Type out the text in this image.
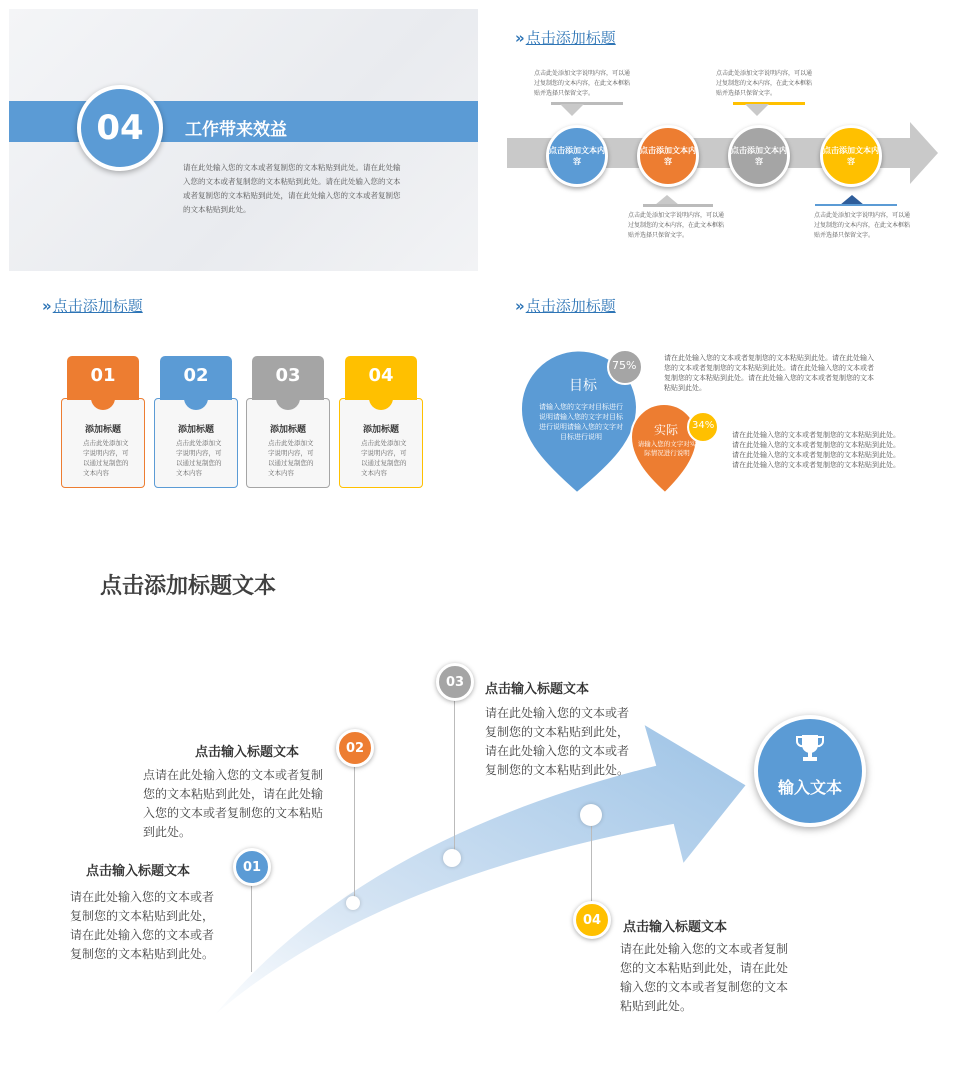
04	工作带来效益
请在此处输入您的文本或者复制您的文本粘贴到此处。请在此处输入您的文本或者复制您的文本粘贴到此处。请在此处输入您的文本或者复制您的文本粘贴到此处，请在此处输入您的文本或者复制您的文本粘贴到此处。
» 点击添加标题
点击添加文本内容
点击添加文本内容
点击添加文本内容
点击添加文本内容
点击此处添加文字说明内容，可以通过复制您的文本内容，在此文本框粘贴并选择只保留文字。
点击此处添加文字说明内容，可以通过复制您的文本内容，在此文本框粘贴并选择只保留文字。
点击此处添加文字说明内容，可以通过复制您的文本内容，在此文本框粘贴并选择只保留文字。
点击此处添加文字说明内容，可以通过复制您的文本内容，在此文本框粘贴并选择只保留文字。
» 点击添加标题
01
添加标题
点击此处添加文字说明内容，可以通过复制您的文本内容
02
添加标题
点击此处添加文字说明内容，可以通过复制您的文本内容
03
添加标题
点击此处添加文字说明内容，可以通过复制您的文本内容
04
添加标题
点击此处添加文字说明内容，可以通过复制您的文本内容
» 点击添加标题
目标
75%
请输入您的文字对目标进行说明请输入您的文字对目标进行说明请输入您的文字对目标进行说明	实际 34%
请输入您的文字对实际情况进行说明
请在此处输入您的文本或者复制您的文本粘贴到此处。请在此处输入您的文本或者复制您的文本粘贴到此处。请在此处输入您的文本或者复制您的文本粘贴到此处。请在此处输入您的文本或者复制您的文本粘贴到此处。
请在此处输入您的文本或者复制您的文本粘贴到此处。请在此处输入您的文本或者复制您的文本粘贴到此处。请在此处输入您的文本或者复制您的文本粘贴到此处。请在此处输入您的文本或者复制您的文本粘贴到此处。
点击添加标题文本
01
02
03
04
输入文本
点击输入标题文本
请在此处输入您的文本或者复制您的文本粘贴到此处，请在此处输入您的文本或者复制您的文本粘贴到此处。
点击输入标题文本
点请在此处输入您的文本或者复制您的文本粘贴到此处，请在此处输入您的文本或者复制您的文本粘贴到此处。
点击输入标题文本
请在此处输入您的文本或者复制您的文本粘贴到此处，请在此处输入您的文本或者复制您的文本粘贴到此处。
点击输入标题文本
请在此处输入您的文本或者复制您的文本粘贴到此处，请在此处输入您的文本或者复制您的文本粘贴到此处。
